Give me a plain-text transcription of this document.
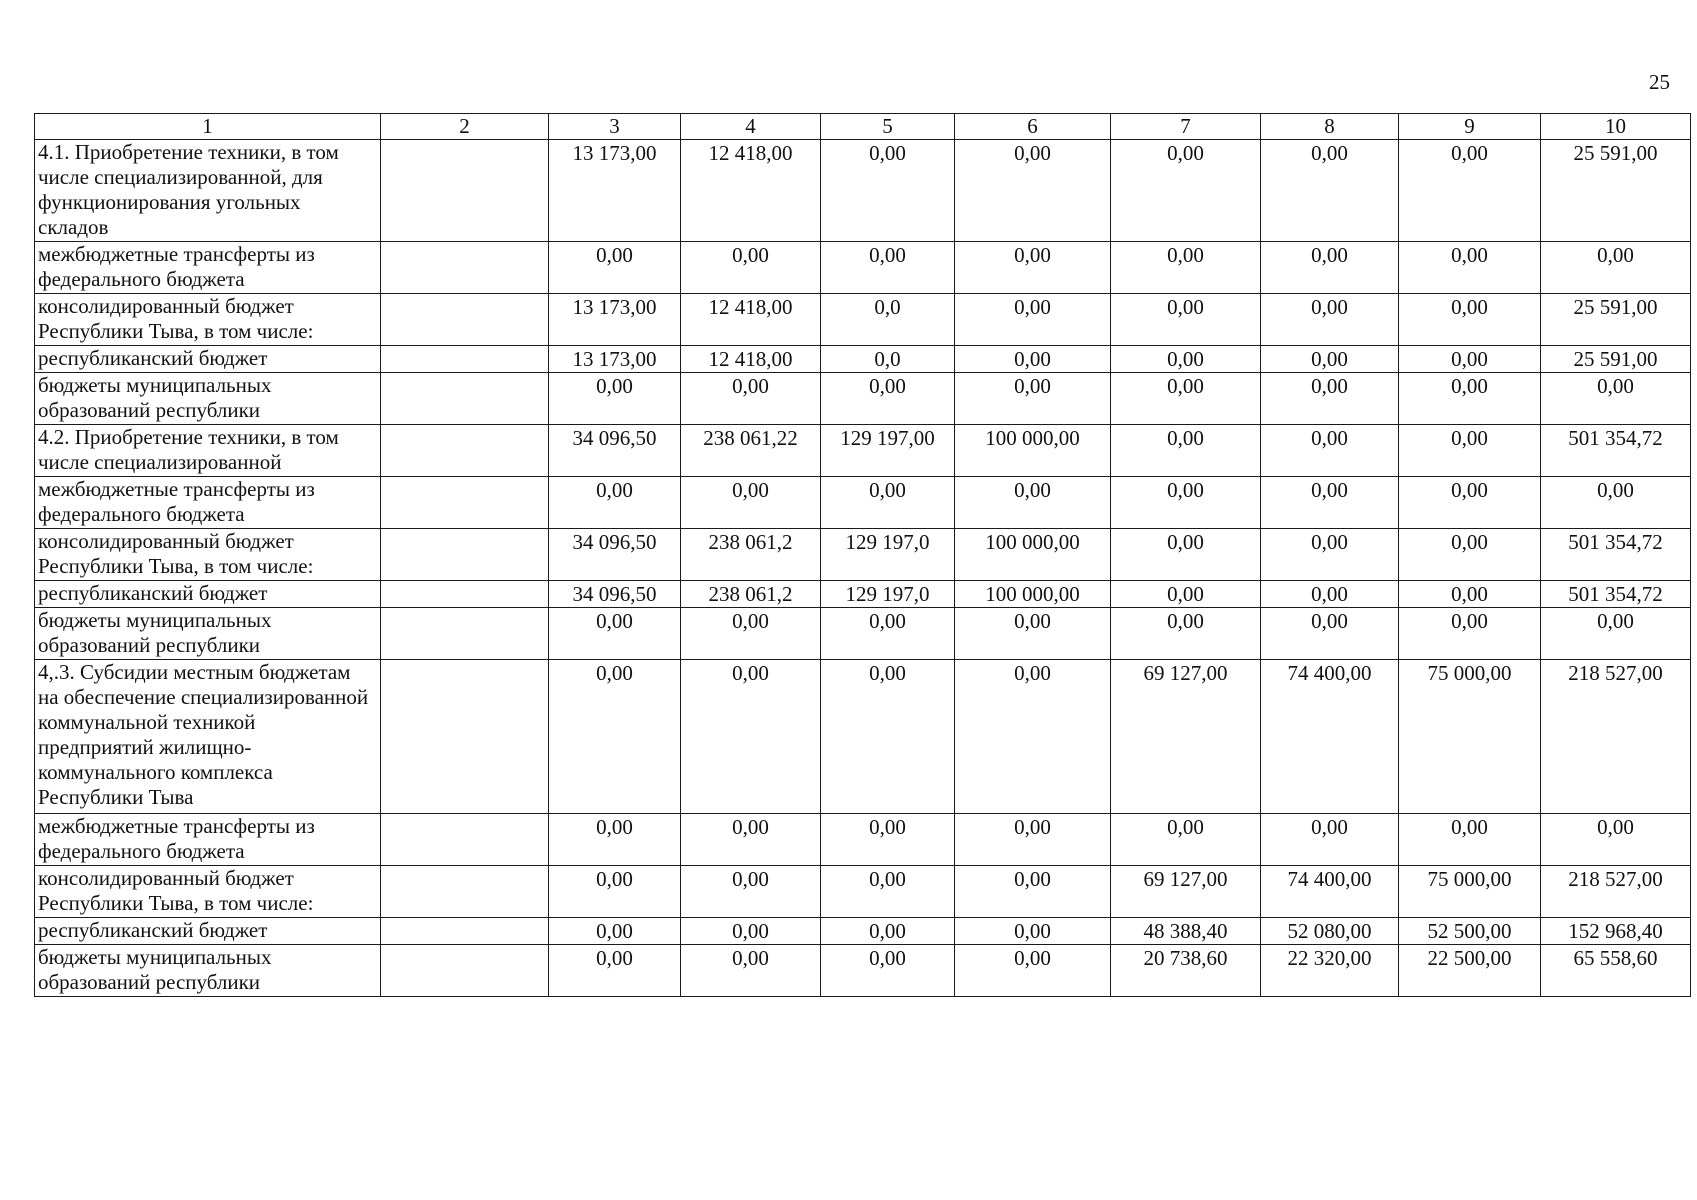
25
1	2	3	4	5	6	7	8	9	10
4.1. Приобретение техники, в том числе специализированной, для функционирования угольных складов		13 173,00	12 418,00	0,00	0,00	0,00	0,00	0,00	25 591,00
межбюджетные трансферты из федерального бюджета		0,00	0,00	0,00	0,00	0,00	0,00	0,00	0,00
консолидированный бюджет Республики Тыва, в том числе:		13 173,00	12 418,00	0,0	0,00	0,00	0,00	0,00	25 591,00
республиканский бюджет		13 173,00	12 418,00	0,0	0,00	0,00	0,00	0,00	25 591,00
бюджеты муниципальных образований республики		0,00	0,00	0,00	0,00	0,00	0,00	0,00	0,00
4.2. Приобретение техники, в том числе специализированной		34 096,50	238 061,22	129 197,00	100 000,00	0,00	0,00	0,00	501 354,72
межбюджетные трансферты из федерального бюджета		0,00	0,00	0,00	0,00	0,00	0,00	0,00	0,00
консолидированный бюджет Республики Тыва, в том числе:		34 096,50	238 061,2	129 197,0	100 000,00	0,00	0,00	0,00	501 354,72
республиканский бюджет		34 096,50	238 061,2	129 197,0	100 000,00	0,00	0,00	0,00	501 354,72
бюджеты муниципальных образований республики		0,00	0,00	0,00	0,00	0,00	0,00	0,00	0,00
4,.3. Субсидии местным бюджетам на обеспечение специализированной коммунальной техникой предприятий жилищно-коммунального комплекса Республики Тыва		0,00	0,00	0,00	0,00	69 127,00	74 400,00	75 000,00	218 527,00
межбюджетные трансферты из федерального бюджета		0,00	0,00	0,00	0,00	0,00	0,00	0,00	0,00
консолидированный бюджет Республики Тыва, в том числе:		0,00	0,00	0,00	0,00	69 127,00	74 400,00	75 000,00	218 527,00
республиканский бюджет		0,00	0,00	0,00	0,00	48 388,40	52 080,00	52 500,00	152 968,40
бюджеты муниципальных образований республики		0,00	0,00	0,00	0,00	20 738,60	22 320,00	22 500,00	65 558,60
